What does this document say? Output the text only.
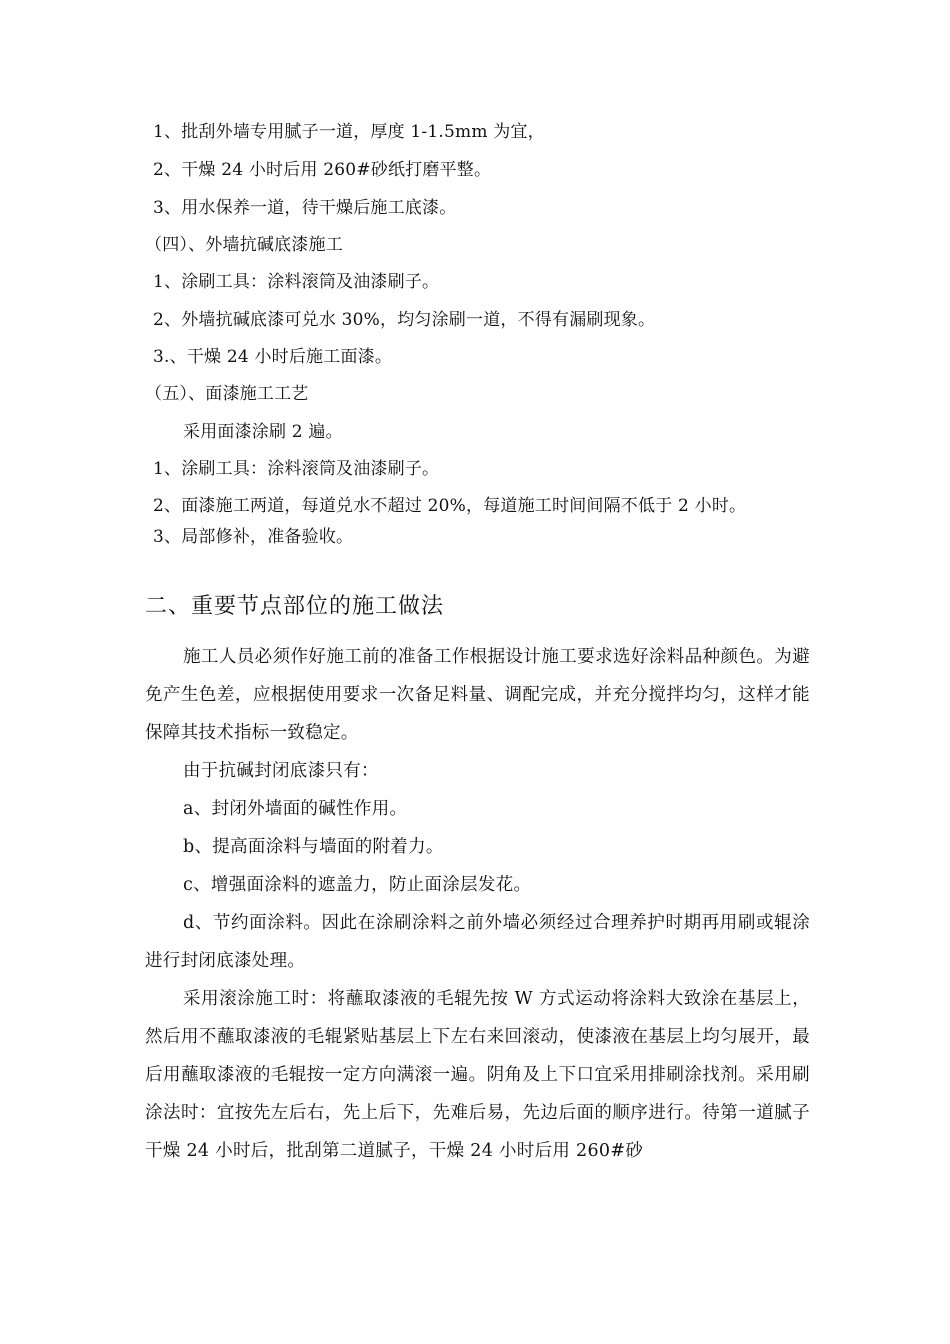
1、批刮外墙专用腻子一道，厚度 1-1.5mm 为宜，
2、干燥 24 小时后用 260#砂纸打磨平整。
3、用水保养一道，待干燥后施工底漆。
（四）、外墙抗碱底漆施工
1、涂刷工具：涂料滚筒及油漆刷子。
2、外墙抗碱底漆可兑水 30%，均匀涂刷一道，不得有漏刷现象。
3.、干燥 24 小时后施工面漆。
（五）、面漆施工工艺
采用面漆涂刷 2 遍。
1、涂刷工具：涂料滚筒及油漆刷子。
2、面漆施工两道，每道兑水不超过 20%，每道施工时间间隔不低于 2 小时。
3、局部修补，准备验收。
二、重要节点部位的施工做法
施工人员必须作好施工前的准备工作根据设计施工要求选好涂料品种颜色。为避免产生色差，应根据使用要求一次备足料量、调配完成，并充分搅拌均匀，这样才能保障其技术指标一致稳定。
由于抗碱封闭底漆只有：
a、封闭外墙面的碱性作用。
b、提高面涂料与墙面的附着力。
c、增强面涂料的遮盖力，防止面涂层发花。
d、节约面涂料。因此在涂刷涂料之前外墙必须经过合理养护时期再用刷或辊涂进行封闭底漆处理。
采用滚涂施工时：将蘸取漆液的毛辊先按 W 方式运动将涂料大致涂在基层上，然后用不蘸取漆液的毛辊紧贴基层上下左右来回滚动，使漆液在基层上均匀展开，最后用蘸取漆液的毛辊按一定方向满滚一遍。阴角及上下口宜采用排刷涂找剂。采用刷涂法时：宜按先左后右，先上后下，先难后易，先边后面的顺序进行。待第一道腻子干燥 24 小时后，批刮第二道腻子，干燥 24 小时后用 260#砂
